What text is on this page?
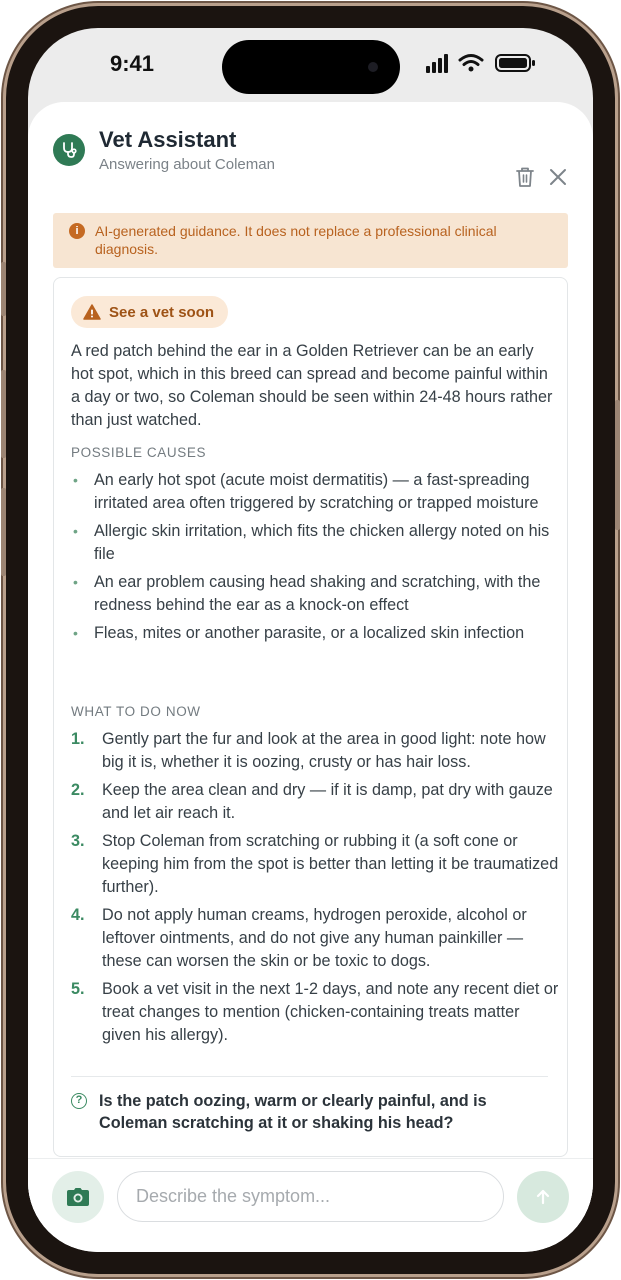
9:41
Vet Assistant
Answering about Coleman
i	AI-generated guidance. It does not replace a professional clinical diagnosis.
See a vet soon
A red patch behind the ear in a Golden Retriever can be an early hot spot, which in this breed can spread and become painful within a day or two, so Coleman should be seen within 24-48 hours rather than just watched.
POSSIBLE CAUSES
• An early hot spot (acute moist dermatitis) — a fast-spreading irritated area often triggered by scratching or trapped moisture
• Allergic skin irritation, which fits the chicken allergy noted on his file
• An ear problem causing head shaking and scratching, with the redness behind the ear as a knock-on effect
• Fleas, mites or another parasite, or a localized skin infection
WHAT TO DO NOW
1. Gently part the fur and look at the area in good light: note how big it is, whether it is oozing, crusty or has hair loss.
2. Keep the area clean and dry — if it is damp, pat dry with gauze and let air reach it.
3. Stop Coleman from scratching or rubbing it (a soft cone or keeping him from the spot is better than letting it be traumatized further).
4. Do not apply human creams, hydrogen peroxide, alcohol or leftover ointments, and do not give any human painkiller — these can worsen the skin or be toxic to dogs.
5. Book a vet visit in the next 1-2 days, and note any recent diet or treat changes to mention (chicken-containing treats matter given his allergy).
? Is the patch oozing, warm or clearly painful, and is Coleman scratching at it or shaking his head?
Describe the symptom...
